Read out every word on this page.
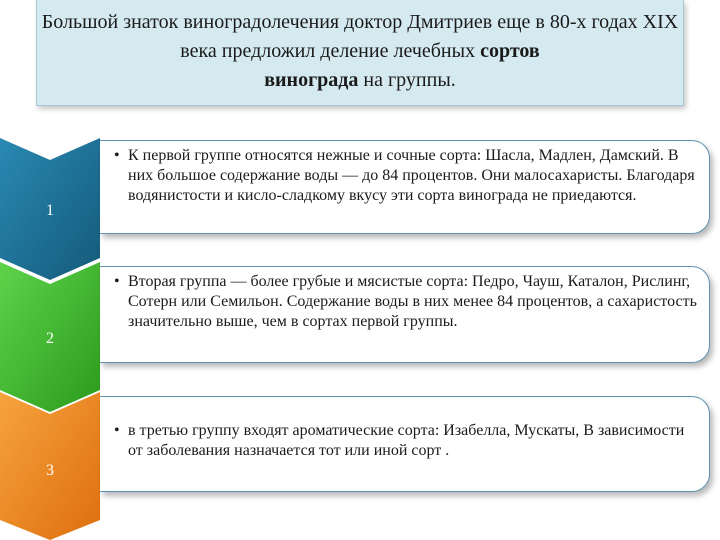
Большой знаток виноградолечения доктор Дмитриев еще в 80-х годах XIX века предложил деление лечебных сортов
винограда на группы.
1
• К первой группе относятся нежные и сочные сорта: Шасла, Мадлен, Дамский. В них большое содержание воды — до 84 процентов. Они малосахаристы. Благодаря водянистости и кисло-сладкому вкусу эти сорта винограда не приедаются.
2
• Вторая группа — более грубые и мясистые сорта: Педро, Чауш, Каталон, Рислинг, Сотерн или Семильон. Содержание воды в них менее 84 процентов, а сахаристость значительно выше, чем в сортах первой группы.
3
• в третью группу входят ароматические сорта: Изабелла, Мускаты, В зависимости от заболевания назначается тот или иной сорт .
